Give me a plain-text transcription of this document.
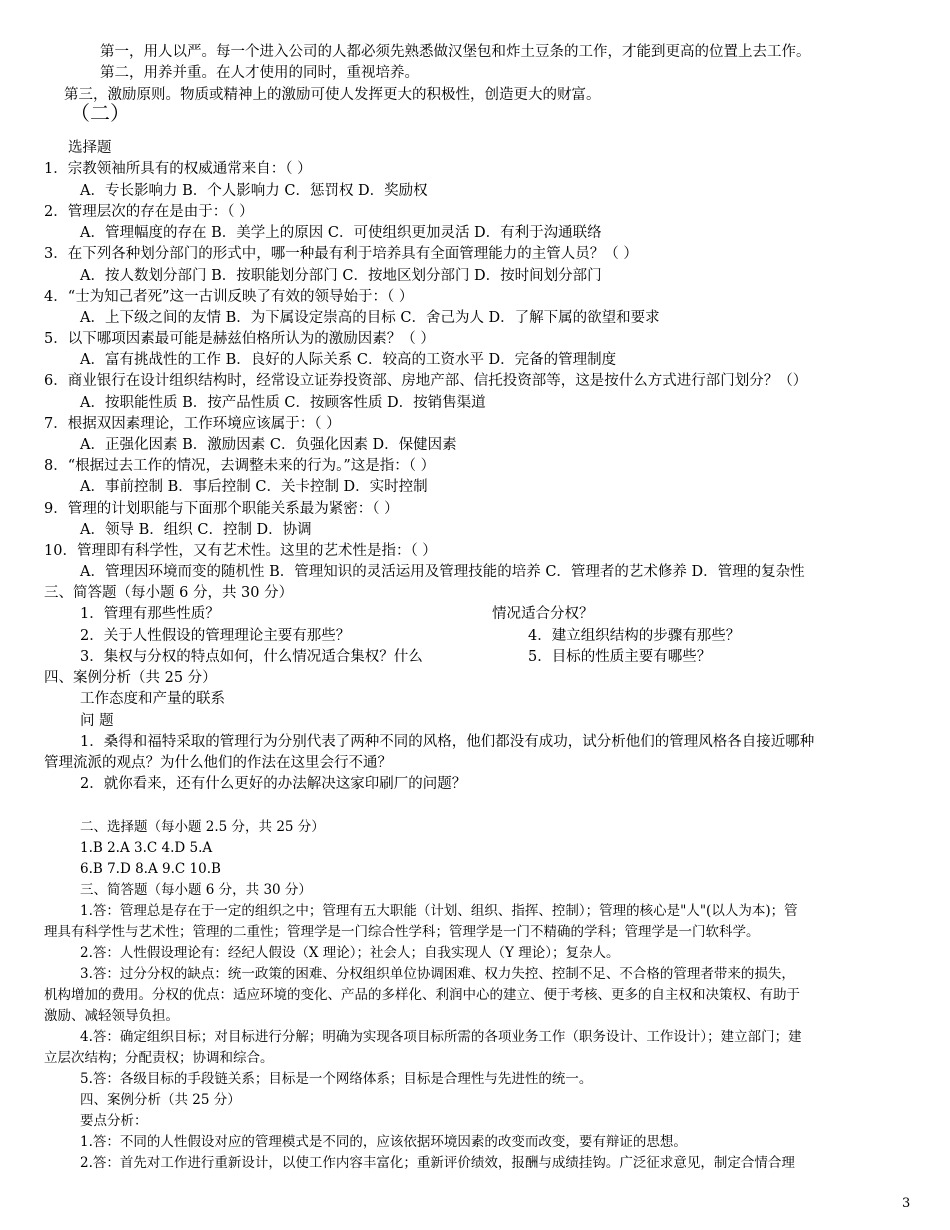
第一，用人以严。每一个进入公司的人都必须先熟悉做汉堡包和炸土豆条的工作，才能到更高的位置上去工作。
第二，用养并重。在人才使用的同时，重视培养。
第三，激励原则。物质或精神上的激励可使人发挥更大的积极性，创造更大的财富。
（二）
选择题
1．宗教领袖所具有的权威通常来自：（ ）
A．专长影响力 B．个人影响力 C．惩罚权 D．奖励权
2．管理层次的存在是由于：（ ）
A．管理幅度的存在 B．美学上的原因 C．可使组织更加灵活 D．有利于沟通联络
3．在下列各种划分部门的形式中，哪一种最有利于培养具有全面管理能力的主管人员？（ ）
A．按人数划分部门 B．按职能划分部门 C．按地区划分部门 D．按时间划分部门
4．“士为知己者死”这一古训反映了有效的领导始于：（ ）
A．上下级之间的友情 B．为下属设定崇高的目标 C．舍己为人 D．了解下属的欲望和要求
5．以下哪项因素最可能是赫兹伯格所认为的激励因素？（ ）
A．富有挑战性的工作 B．良好的人际关系 C．较高的工资水平 D．完备的管理制度
6．商业银行在设计组织结构时，经常设立证券投资部、房地产部、信托投资部等，这是按什么方式进行部门划分？（）
A．按职能性质 B．按产品性质 C．按顾客性质 D．按销售渠道
7．根据双因素理论，工作环境应该属于：（ ）
A．正强化因素 B．激励因素 C．负强化因素 D．保健因素
8．“根据过去工作的情况，去调整未来的行为。”这是指：（ ）
A．事前控制 B．事后控制 C．关卡控制 D．实时控制
9．管理的计划职能与下面那个职能关系最为紧密：（ ）
A．领导 B．组织 C．控制 D．协调
10．管理即有科学性，又有艺术性。这里的艺术性是指：（ ）
A．管理因环境而变的随机性 B．管理知识的灵活运用及管理技能的培养 C．管理者的艺术修养 D．管理的复杂性
三、简答题（每小题 6 分，共 30 分）
1．管理有那些性质？	情况适合分权？
2．关于人性假设的管理理论主要有那些？	4．建立组织结构的步骤有那些？
3．集权与分权的特点如何，什么情况适合集权？什么	5．目标的性质主要有哪些？
四、案例分析（共 25 分）
工作态度和产量的联系
问 题
1．桑得和福特采取的管理行为分别代表了两种不同的风格，他们都没有成功，试分析他们的管理风格各自接近哪种
管理流派的观点？为什么他们的作法在这里会行不通？
2．就你看来，还有什么更好的办法解决这家印刷厂的问题？
二、选择题（每小题 2.5 分，共 25 分）
1.B 2.A 3.C 4.D 5.A
6.B 7.D 8.A 9.C 10.B
三、简答题（每小题 6 分，共 30 分）
1.答：管理总是存在于一定的组织之中；管理有五大职能（计划、组织、指挥、控制）；管理的核心是"人"(以人为本)；管
理具有科学性与艺术性；管理的二重性；管理学是一门综合性学科；管理学是一门不精确的学科；管理学是一门软科学。
2.答：人性假设理论有：经纪人假设（X 理论）；社会人；自我实现人（Y 理论）；复杂人。
3.答：过分分权的缺点：统一政策的困难、分权组织单位协调困难、权力失控、控制不足、不合格的管理者带来的损失，
机构增加的费用。分权的优点：适应环境的变化、产品的多样化、利润中心的建立、便于考核、更多的自主权和决策权、有助于
激励、减轻领导负担。
4.答：确定组织目标；对目标进行分解；明确为实现各项目标所需的各项业务工作（职务设计、工作设计）；建立部门；建
立层次结构；分配责权；协调和综合。
5.答：各级目标的手段链关系；目标是一个网络体系；目标是合理性与先进性的统一。
四、案例分析（共 25 分）
要点分析：
1.答：不同的人性假设对应的管理模式是不同的，应该依据环境因素的改变而改变，要有辩证的思想。
2.答：首先对工作进行重新设计，以使工作内容丰富化；重新评价绩效，报酬与成绩挂钩。广泛征求意见，制定合情合理
3
